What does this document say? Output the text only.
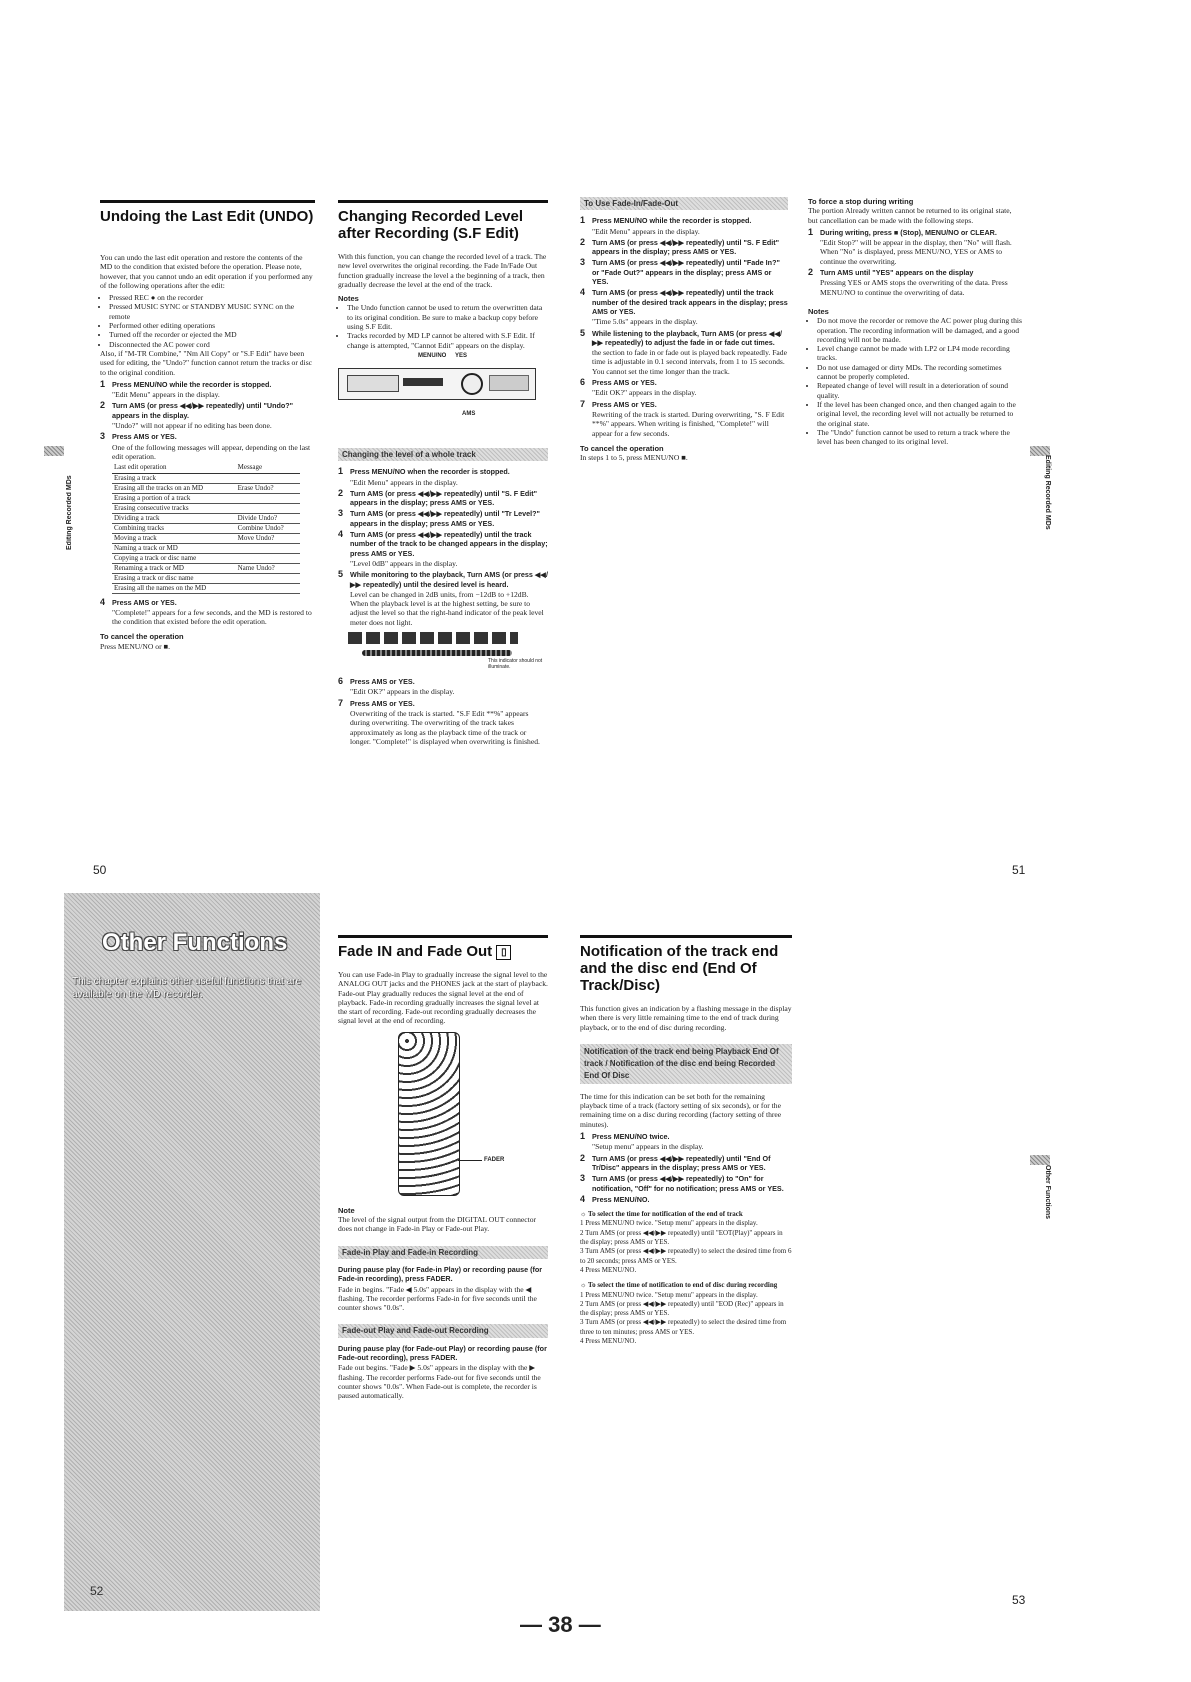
Undoing the Last Edit (UNDO)

You can undo the last edit operation and restore the contents of the MD to the condition that existed before the operation. Please note, however, that you cannot undo an edit operation if you performed any of the following operations after the edit:

• Pressed REC ● on the recorder
• Pressed MUSIC SYNC or STANDBY MUSIC SYNC on the remote
• Performed other editing operations
• Turned off the recorder or ejected the MD
• Disconnected the AC power cord

Also, if "M-TR Combine," "Nm All Copy" or "S.F Edit" have been used for editing, the "Undo?" function cannot return the tracks or disc to the original condition.

1 Press MENU/NO while the recorder is stopped.
"Edit Menu" appears in the display.
2 Turn AMS (or press ◀◀/▶▶ repeatedly) until "Undo?" appears in the display.
"Undo?" will not appear if no editing has been done.
3 Press AMS or YES.
One of the following messages will appear, depending on the last edit operation.
Last edit operation	Message
Erasing a track	
Erasing all the tracks on an MD	Erase Undo?
Erasing a portion of a track	
Erasing consecutive tracks	
Dividing a track	Divide Undo?
Combining tracks	Combine Undo?
Moving a track	Move Undo?
Naming a track or MD	
Copying a track or disc name	
Renaming a track or MD	Name Undo?
Erasing a track or disc name	
Erasing all the names on the MD	
4 Press AMS or YES.
"Complete!" appears for a few seconds, and the MD is restored to the condition that existed before the edit operation.
To cancel the operation
Press MENU/NO or ■.
Editing Recorded MDs
50
Changing Recorded Level after Recording (S.F Edit)

With this function, you can change the recorded level of a track. The new level overwrites the original recording. the Fade In/Fade Out function gradually increase the level a the beginning of a track, then gradually decrease the level at the end of the track.

Notes
• The Undo function cannot be used to return the overwritten data to its original condition. Be sure to make a backup copy before using S.F Edit.
• Tracks recorded by MD LP cannot be altered with S.F Edit. If change is attempted, "Cannot Edit" appears on the display.
MENU/NO YES
AMS
Changing the level of a whole track
1 Press MENU/NO when the recorder is stopped.
"Edit Menu" appears in the display.
2 Turn AMS (or press ◀◀/▶▶ repeatedly) until "S. F Edit" appears in the display; press AMS or YES.
3 Turn AMS (or press ◀◀/▶▶ repeatedly) until "Tr Level?" appears in the display; press AMS or YES.
4 Turn AMS (or press ◀◀/▶▶ repeatedly) until the track number of the track to be changed appears in the display; press AMS or YES.
"Level 0dB" appears in the display.
5 While monitoring to the playback, Turn AMS (or press ◀◀/▶▶ repeatedly) until the desired level is heard.
Level can be changed in 2dB units, from −12dB to +12dB. When the playback level is at the highest setting, be sure to adjust the level so that the right-hand indicator of the peak level meter does not light.
This indicator should not illuminate.
6 Press AMS or YES.
"Edit OK?" appears in the display.
7 Press AMS or YES.
Overwriting of the track is started. "S.F Edit **%" appears during overwriting. The overwriting of the track takes approximately as long as the playback time of the track or longer. "Complete!" is displayed when overwriting is finished.
To Use Fade-In/Fade-Out
1 Press MENU/NO while the recorder is stopped.
"Edit Menu" appears in the display.
2 Turn AMS (or press ◀◀/▶▶ repeatedly) until "S. F Edit" appears in the display; press AMS or YES.
3 Turn AMS (or press ◀◀/▶▶ repeatedly) until "Fade In?" or "Fade Out?" appears in the display; press AMS or YES.
4 Turn AMS (or press ◀◀/▶▶ repeatedly) until the track number of the desired track appears in the display; press AMS or YES.
"Time 5.0s" appears in the display.
5 While listening to the playback, Turn AMS (or press ◀◀/▶▶ repeatedly) to adjust the fade in or fade cut times.
the section to fade in or fade out is played back repeatedly. Fade time is adjustable in 0.1 second intervals, from 1 to 15 seconds. You cannot set the time longer than the track.
6 Press AMS or YES.
"Edit OK?" appears in the display.
7 Press AMS or YES.
Rewriting of the track is started. During overwriting, "S. F Edit **%" appears. When writing is finished, "Complete!" will appear for a few seconds.
To cancel the operation
In steps 1 to 5, press MENU/NO ■.
To force a stop during writing

The portion Already written cannot be returned to its original state, but cancellation can be made with the following steps.

1 During writing, press ■ (Stop), MENU/NO or CLEAR.
"Edit Stop?" will be appear in the display, then "No" will flash. When "No" is displayed, press MENU/NO, YES or AMS to continue the overwriting.
2 Turn AMS until "YES" appears on the display
Pressing YES or AMS stops the overwriting of the data. Press MENU/NO to continue the overwriting of data.
Notes
• Do not move the recorder or remove the AC power plug during this operation. The recording information will be damaged, and a good recording will not be made.
• Level change cannot be made with LP2 or LP4 mode recording tracks.
• Do not use damaged or dirty MDs. The recording sometimes cannot be properly completed.
• Repeated change of level will result in a deterioration of sound quality.
• If the level has been changed once, and then changed again to the original level, the recording level will not actually be returned to the original state.
• The "Undo" function cannot be used to return a track where the level has been changed to its original level.
Editing Recorded MDs
51
Other Functions
This chapter explains other useful functions that are available on the MD recorder.
52
Fade IN and Fade Out ▯

You can use Fade-in Play to gradually increase the signal level to the ANALOG OUT jacks and the PHONES jack at the start of playback. Fade-out Play gradually reduces the signal level at the end of playback. Fade-in recording gradually increases the signal level at the start of recording. Fade-out recording gradually decreases the signal level at the end of recording.

FADER
Note

The level of the signal output from the DIGITAL OUT connector does not change in Fade-in Play or Fade-out Play.

Fade-in Play and Fade-in Recording
During pause play (for Fade-in Play) or recording pause (for Fade-in recording), press FADER.

Fade in begins. "Fade ◀ 5.0s" appears in the display with the ◀ flashing. The recorder performs Fade-in for five seconds until the counter shows "0.0s".

Fade-out Play and Fade-out Recording
During pause play (for Fade-out Play) or recording pause (for Fade-out recording), press FADER.

Fade out begins. "Fade ▶ 5.0s" appears in the display with the ▶ flashing. The recorder performs Fade-out for five seconds until the counter shows "0.0s". When Fade-out is complete, the recorder is paused automatically.

Notification of the track end and the disc end (End Of Track/Disc)

This function gives an indication by a flashing message in the display when there is very little remaining time to the end of track during playback, or to the end of disc during recording.

Notification of the track end being Playback End Of track / Notification of the disc end being Recorded End Of Disc

The time for this indication can be set both for the remaining playback time of a track (factory setting of six seconds), or for the remaining time on a disc during recording (factory setting of three minutes).

1 Press MENU/NO twice.
"Setup menu" appears in the display.
2 Turn AMS (or press ◀◀/▶▶ repeatedly) until "End Of Tr/Disc" appears in the display; press AMS or YES.
3 Turn AMS (or press ◀◀/▶▶ repeatedly) to "On" for notification, "Off" for no notification; press AMS or YES.
4 Press MENU/NO.
☼ To select the time for notification of the end of track
1 Press MENU/NO twice. "Setup menu" appears in the display.
2 Turn AMS (or press ◀◀/▶▶ repeatedly) until "EOT(Play)" appears in the display; press AMS or YES.
3 Turn AMS (or press ◀◀/▶▶ repeatedly) to select the desired time from 6 to 20 seconds; press AMS or YES.
4 Press MENU/NO.
☼ To select the time of notification to end of disc during recording
1 Press MENU/NO twice. "Setup menu" appears in the display.
2 Turn AMS (or press ◀◀/▶▶ repeatedly) until "EOD (Rec)" appears in the display; press AMS or YES.
3 Turn AMS (or press ◀◀/▶▶ repeatedly) to select the desired time from three to ten minutes; press AMS or YES.
4 Press MENU/NO.
Other Functions
53
— 38 —
